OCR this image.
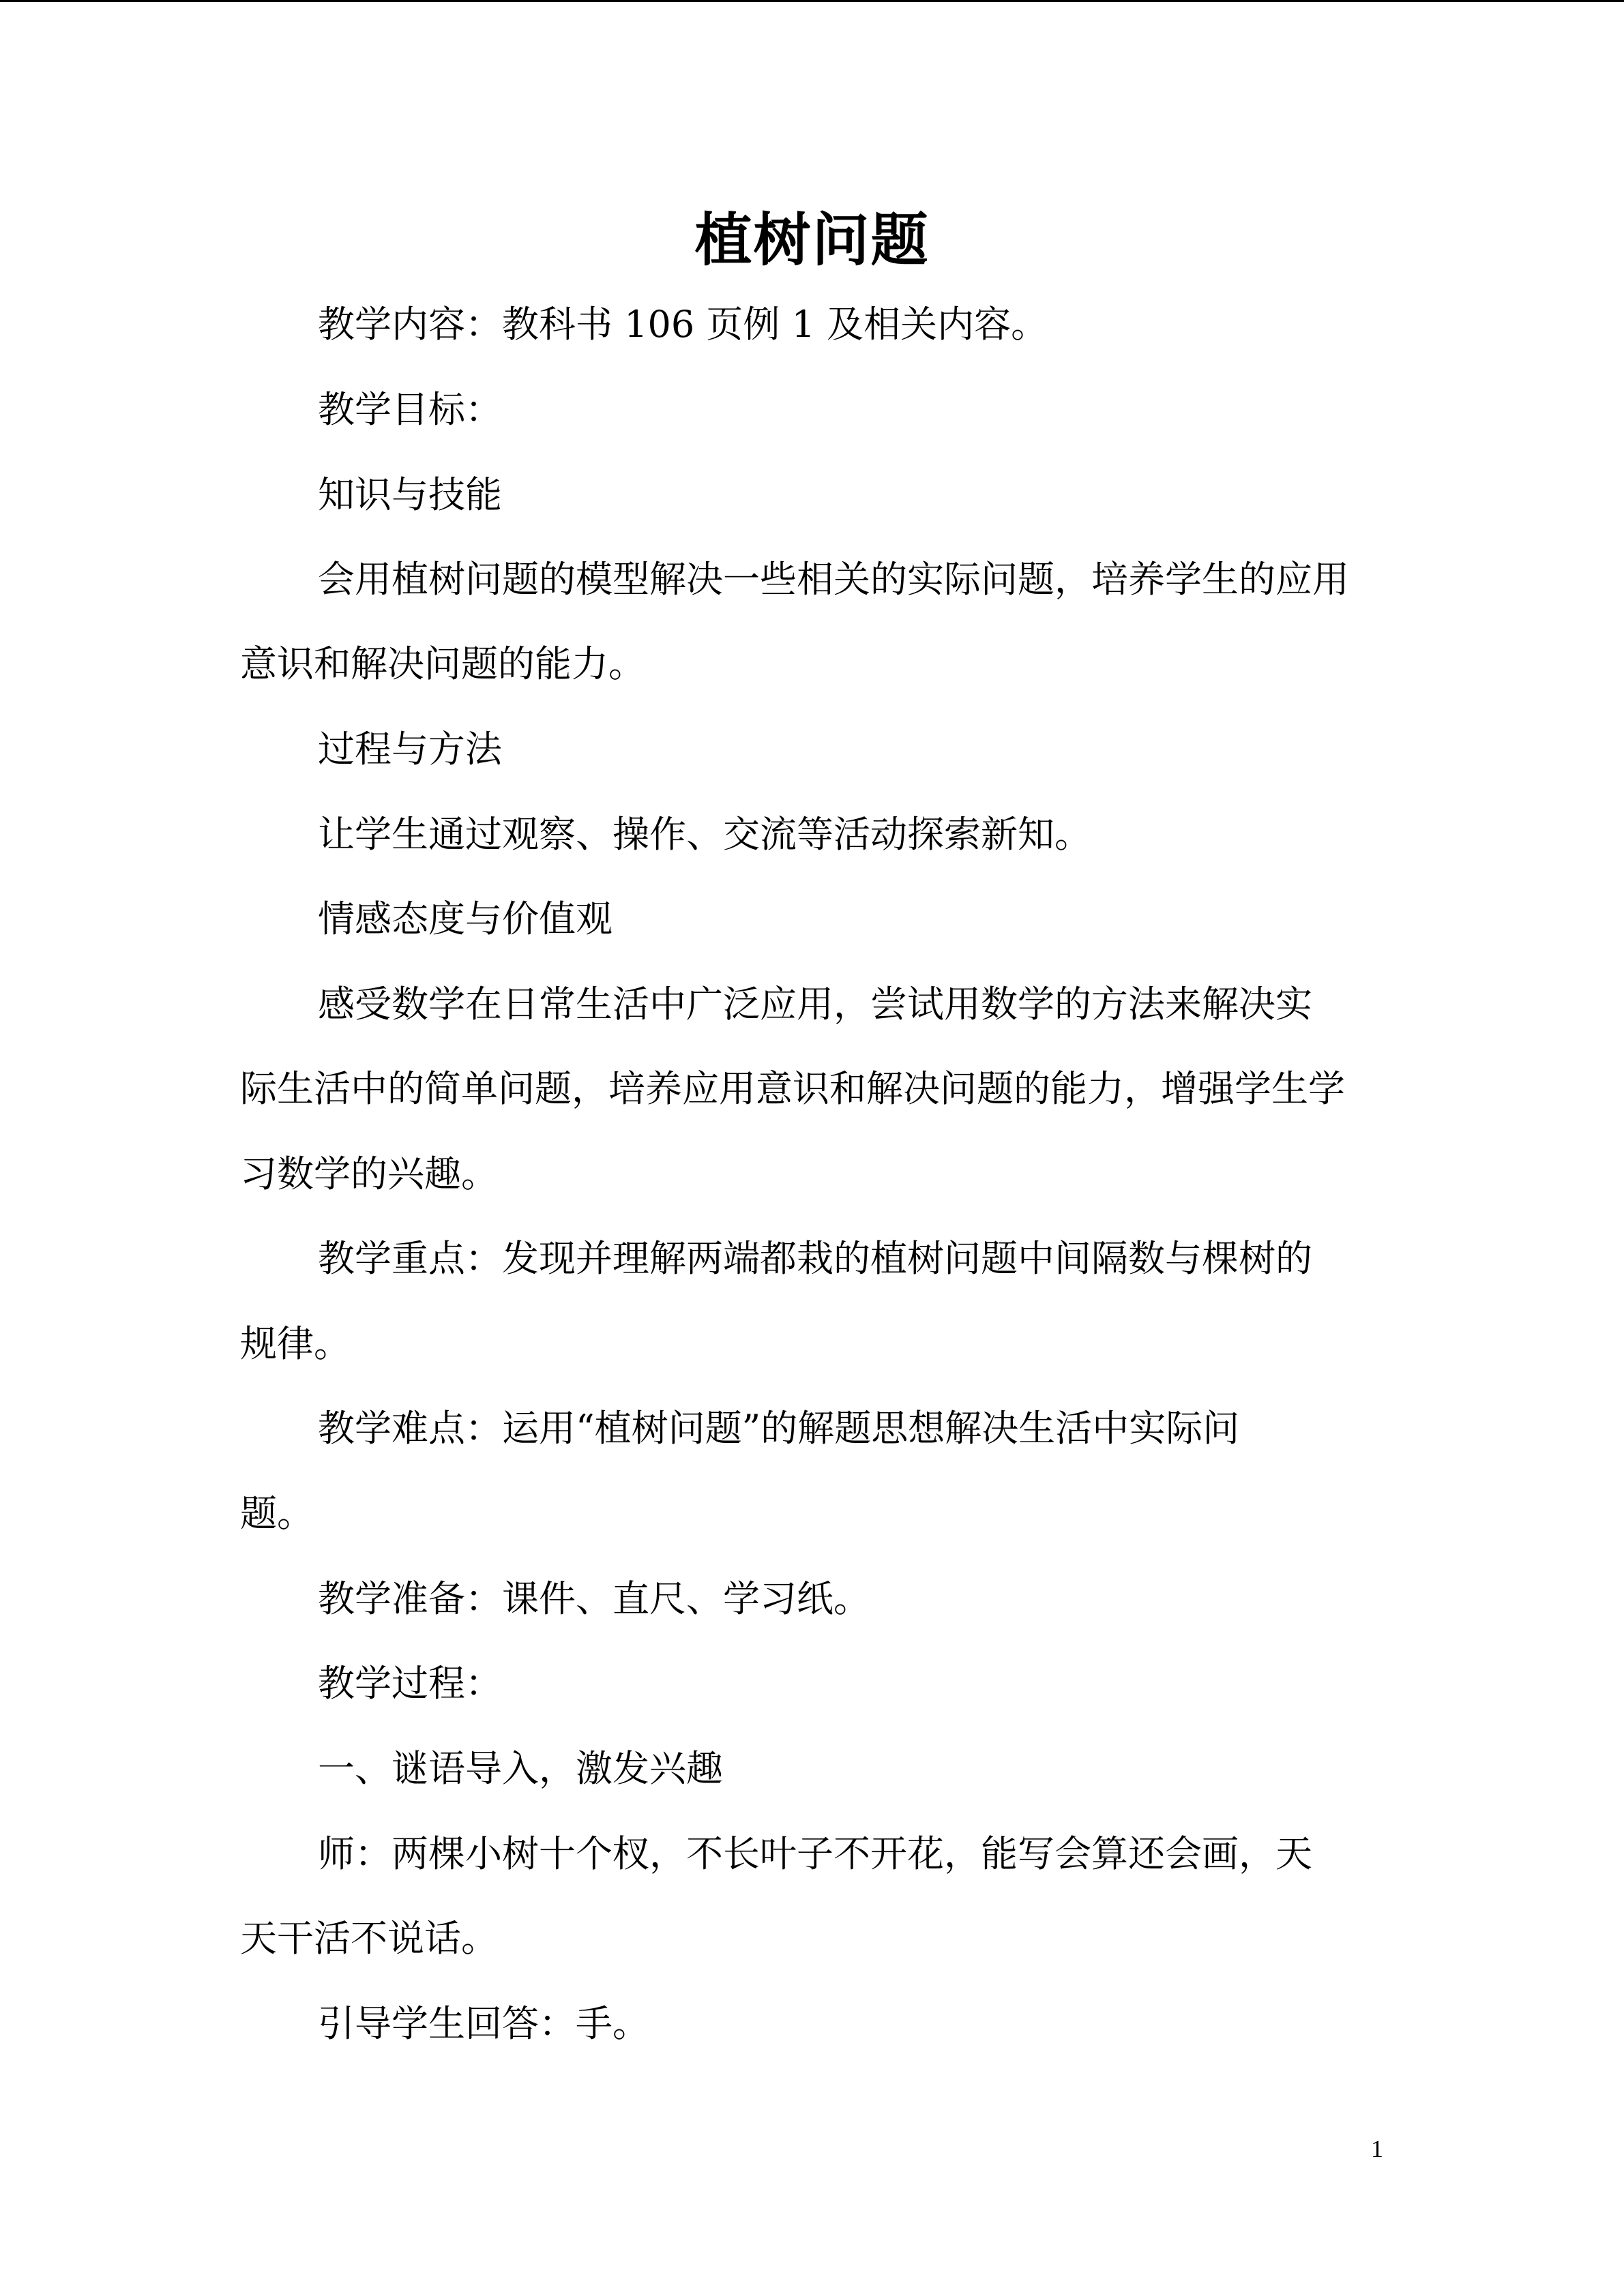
植树问题
教学内容：教科书 106 页例 1 及相关内容。
教学目标：
知识与技能
会用植树问题的模型解决一些相关的实际问题，培养学生的应用
意识和解决问题的能力。
过程与方法
让学生通过观察、操作、交流等活动探索新知。
情感态度与价值观
感受数学在日常生活中广泛应用，尝试用数学的方法来解决实
际生活中的简单问题，培养应用意识和解决问题的能力，增强学生学
习数学的兴趣。
教学重点：发现并理解两端都栽的植树问题中间隔数与棵树的
规律。
教学难点：运用“植树问题”的解题思想解决生活中实际问
题。
教学准备：课件、直尺、学习纸。
教学过程：
一、谜语导入，激发兴趣
师：两棵小树十个杈，不长叶子不开花，能写会算还会画，天
天干活不说话。
引导学生回答：手。
1
